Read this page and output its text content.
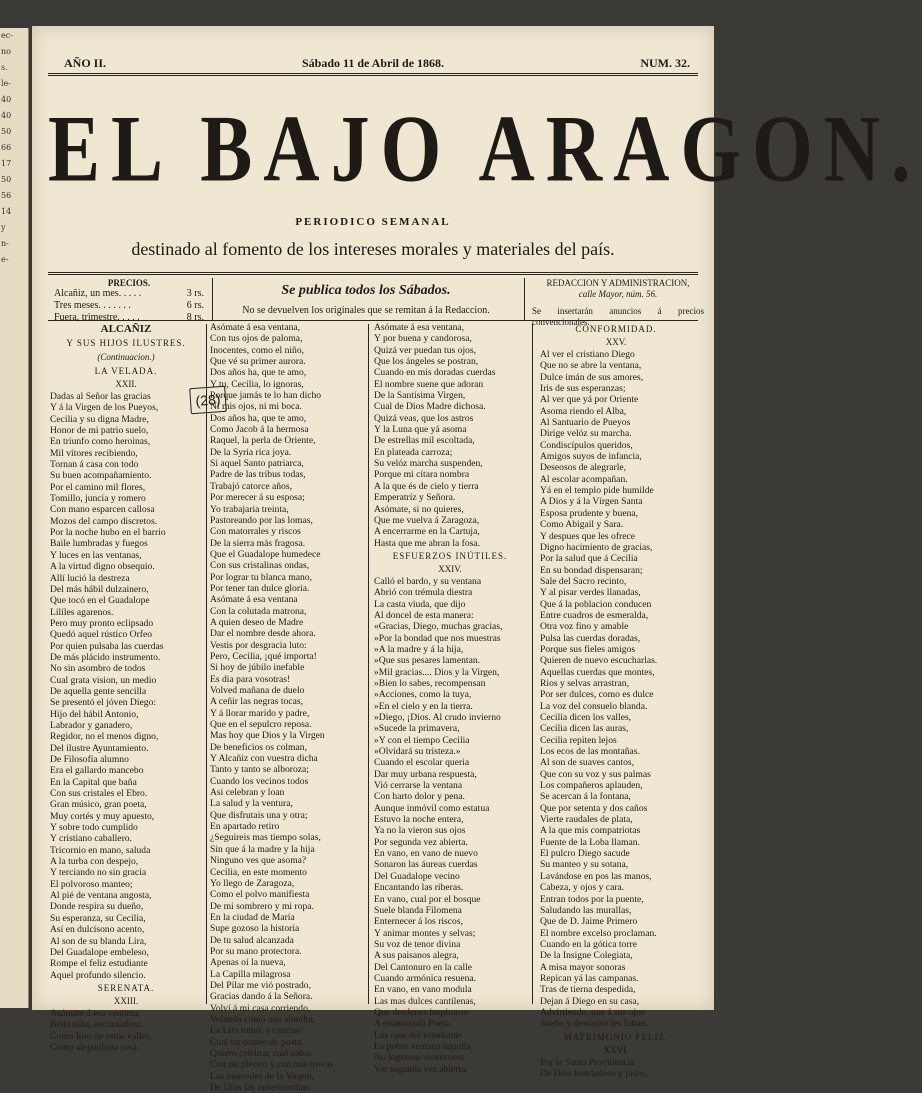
ec-
no
s.
le-
40
40
50
66
17
50
56
14
y
n-
e-
AÑO II.	Sábado 11 de Abril de 1868.	NUM. 32.
EL BAJO ARAGON.
PERIODICO SEMANAL
destinado al fomento de los intereses morales y materiales del país.
PRECIOS.
Alcañiz, un mes. . . . .	3 rs.
Tres meses. . . . . . .	6 rs.
Fuera, trimestre. . . . .	8 rs.
Se publica todos los Sábados.
No se devuelven los originales que se remitan á la Redaccion.
REDACCION Y ADMINISTRACION,
calle Mayor, núm. 56.
Se insertarán anuncios á precios convencionales.
ALCAÑIZ
Y SUS HIJOS ILUSTRES.
(Continuacion.)
LA VELADA.
XXII.
Dadas al Señor las gracias
Y á la Virgen de los Pueyos,
Cecilia y su digna Madre,
Honor de mi patrio suelo,
En triunfo como heroinas,
Mil vítores recibiendo,
Tornan á casa con todo
Su buen acompañamiento.
Por el camino mil flores,
Tomillo, juncia y romero
Con mano esparcen callosa
Mozos del campo discretos.
Por la noche hubo en el barrio
Baile lumbradas y fuegos
Y luces en las ventanas,
A la virtud digno obsequio.
Allí lució la destreza
Del más hábil dulzainero,
Que tocó en el Guadalope
Lilíles agarenos.
Pero muy pronto eclipsado
Quedó aquel rústico Orfeo
Por quien pulsaba las cuerdas
De más plácido instrumento.
No sin asombro de todos
Cual grata vision, un medio
De aquella gente sencilla
Se presentó el jóven Diego:
Hijo del hábil Antonio,
Labrador y ganadero,
Regidor, no el menos digno,
Del ilustre Ayuntamiento.
De Filosofía alumno
Era el gallardo mancebo
En la Capital que baña
Con sus cristales el Ebro.
Gran músico, gran poeta,
Muy cortés y muy apuesto,
Y sobre todo cumplido
Y cristiano caballero.
Tricornio en mano, saluda
A la turba con despejo,
Y terciando no sin gracia
El polvoroso manteo;
Al pié de ventana angosta,
Donde respira su dueño,
Su esperanza, su Cecilia,
Así en dulcísono acento,
Al son de su blanda Lira,
Del Guadalope embeleso,
Rompe el feliz estudiante
Aquel profundo silencio.
SERENATA.
XXIII.
Asómate á esa ventana,
Bella niña, encantadora
Como lirio de estos valles,
Como alejandrina rosa.
Asómate á esa ventana,
Con tus ojos de paloma,
Inocentes, como el niño,
Que vé su primer aurora.
Dos años ha, que te amo,
Y tu, Cecilia, lo ignoras,
Porque jamás te lo han dicho
Ni mis ojos, ni mi boca.
Dos años ha, que te amo,
Como Jacob á la hermosa
Raquel, la perla de Oriente,
De la Syria rica joya.
Si aquel Santo patriarca,
Padre de las tribus todas,
Trabajó catorce años,
Por merecer á su esposa;
Yo trabajaria treinta,
Pastoreando por las lomas,
Con matorrales y riscos
De la sierra más fragosa.
Que el Guadalope humedece
Con sus cristalinas ondas,
Por lograr tu blanca mano,
Por tener tan dulce gloria.
Asómate á esa ventana
Con la colutada matrona,
A quien deseo de Madre
Dar el nombre desde ahora.
Vestis por desgracia luto:
Pero, Cecilia, ¡qué importa!
Si hoy de júbilo inefable
Es dia para vosotras!
Volved mañana de duelo
A ceñir las negras tocas,
Y á llorar marido y padre,
Que en el sepulcro reposa.
Mas hoy que Dios y la Virgen
De beneficios os colman,
Y Alcañiz con vuestra dicha
Tanto y tanto se alboroza;
Cuando los vecinos todos
Asi celebran y loan
La salud y la ventura,
Que disfrutais una y otra;
En apartado retiro
¿Seguireis mas tiempo solas,
Sin que á la madre y la hija
Ninguno ves que asoma?
Cecilia, en este momento
Yo llego de Zaragoza,
Como el polvo manifiesta
De mi sombrero y mi ropa.
En la ciudad de María
Supe gozoso la historia
De tu salud alcanzada
Por su mano protectora.
Apenas oí la nueva,
La Capilla milagrosa
Del Pilar me vió postrado,
Gracias dando á la Señora.
Volví á mi casa corriendo,
Volando como una alondra,
La Lira tomo, y camino
Cual un correo de posta.
Quiero celebrar cual todos
Con mi plectro y con mis trovas
Las mercedes de la Virgen,
De Dios las misericordias.
Asómate á esa ventana,
Y por buena y candorosa,
Quizá ver puedan tus ojos,
Que los ángeles se postran,
Cuando en mis doradas cuerdas
El nombre suene que adoran
De la Santísima Virgen,
Cual de Dios Madre dichosa.
Quizá veas, que los astros
Y la Luna que yá asoma
De estrellas mil escoltada,
En plateada carroza;
Su velóz marcha suspenden,
Porque mi cítara nombra
A la que és de cielo y tierra
Emperatríz y Señora.
Asómate, si no quieres,
Que me vuelva á Zaragoza,
A encerrarme en la Cartuja,
Hasta que me abran la fosa.
ESFUERZOS INÚTILES.
XXIV.
Calló el bardo, y su ventana
Abrió con trémula diestra
La casta viuda, que dijo
Al doncel de esta manera:
«Gracias, Diego, muchas gracias,
»Por la bondad que nos muestras
»A la madre y á la hija,
»Que sus pesares lamentan.
»Mil gracias.... Dios y la Virgen,
»Bien lo sabes, recompensan
»Acciones, como la tuya,
»En el cielo y en la tierra.
»Diego, ¡Dios. Al crudo invierno
»Sucede la primavera,
»Y con el tiempo Cecilia
»Olvidará su tristeza.»
Cuando el escolar queria
Dar muy urbana respuesta,
Vió cerrarse la ventana
Con harto dolor y pena.
Aunque inmóvil como estatua
Estuvo la noche entera,
Ya no la vieron sus ojos
Por segunda vez abierta.
En vano, en vano de nuevo
Sonaron las áureas cuerdas
Del Guadalope vecino
Encantando las riberas.
En vano, cual por el bosque
Suele blanda Filomena
Enternecer á los riscos,
Y animar montes y selvas;
Su voz de tenor divina
A sus paisanos alegra,
Del Cantonuro en la calle
Cuando armónica resuena.
En vano, en vano modula
Las mas dulces cantilenas,
Que desdenes inspiraron
A enamorado Poeta.
Los ojos del estudiante
La pobre ventana aquella
No lograron venturosos
Ver segunda vez abierta.
CONFORMIDAD.
XXV.
Al ver el cristiano Diego
Que no se abre la ventana,
Dulce imán de sus amores,
Iris de sus esperanzas;
Al ver que yá por Oriente
Asoma riendo el Alba,
Al Santuario de Pueyos
Dirige velóz su marcha.
Condiscípulos queridos,
Amigos suyos de infancia,
Deseosos de alegrarle,
Al escolar acompañan.
Yá en el templo pide humilde
A Dios y á la Vírgen Santa
Esposa prudente y buena,
Como Abigail y Sara.
Y despues que les ofrece
Digno hacimiento de gracias,
Por la salud que á Cecilia
En su bondad dispensaran;
Sale del Sacro recinto,
Y al pisar verdes llanadas,
Que á la poblacion conducen
Entre cuadros de esmeralda,
Otra voz fino y amable
Pulsa las cuerdas doradas,
Porque sus fieles amigos
Quieren de nuevo escucharlas.
Aquellas cuerdas que montes,
Rios y selvas arrastran,
Por ser dulces, como es dulce
La voz del consuelo blanda.
Cecilia dicen los valles,
Cecilia dicen las auras,
Cecilia repiten lejos
Los ecos de las montañas.
Al son de suaves cantos,
Que con su voz y sus palmas
Los compañeros aplauden,
Se acercan á la fontana,
Que por setenta y dos caños
Vierte raudales de plata,
A la que mis compatriotas
Fuente de la Loba llaman.
El pulcro Diego sacude
Su manteo y su sotana,
Lavándose en pos las manos,
Cabeza, y ojos y cara.
Entran todos por la puente,
Saludando las murallas,
Que de D. Jaime Primero
El nombre excelso proclaman.
Cuando en la gótica torre
De la Insigne Colegiata,
A misa mayor sonoras
Repican yá las campanas.
Tras de tierna despedida,
Dejan á Diego en su casa,
Advirtiendo, que á sus ojos
Sueño y descanso les faltan.
MATRIMONIO FELIZ.
XXVI.
Por la Santa Providencia
De Dios bondadoso y justo,
(28)
